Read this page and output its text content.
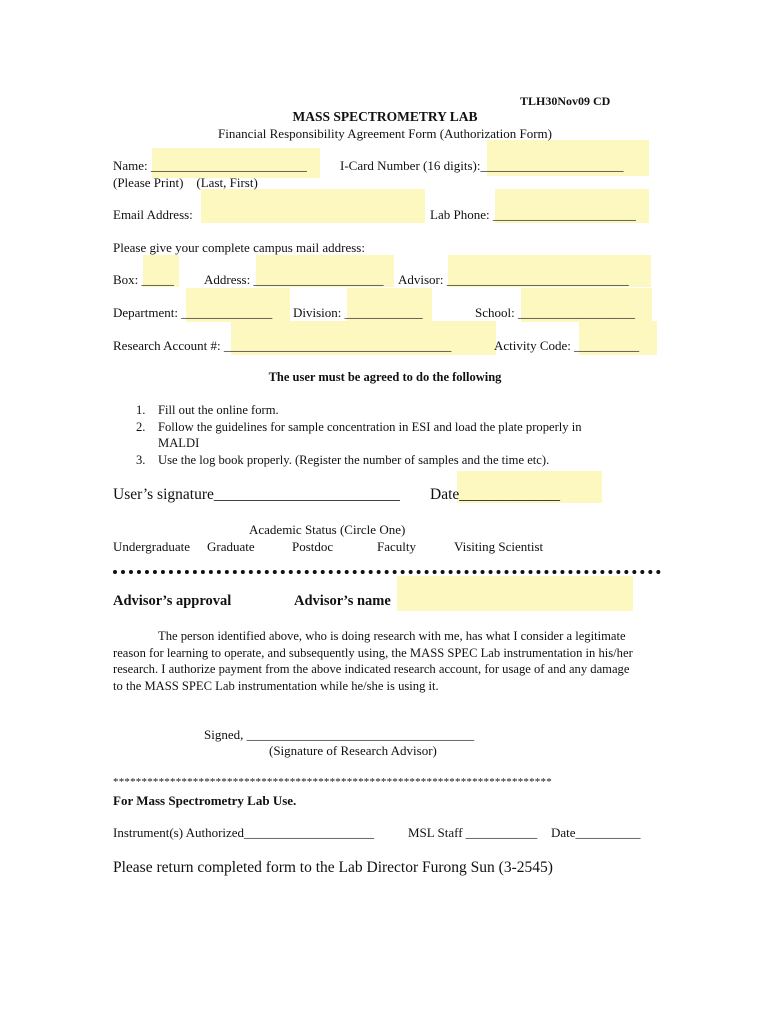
TLH30Nov09 CD
MASS SPECTROMETRY LAB
Financial Responsibility Agreement Form (Authorization Form)
Name: ________________________	I-Card Number (16 digits):______________________
(Please Print)    (Last, First)
Email Address:	Lab Phone: ______________________
Please give your complete campus mail address:
Box: _____ Address: ____________________ Advisor: ____________________________
Department: ______________ Division: ____________	School: __________________
Research Account #: ___________________________________	Activity Code: __________
The user must be agreed to do the following
1. Fill out the online form.
2. Follow the guidelines for sample concentration in ESI and load the plate properly in
MALDI
3. Use the log book properly. (Register the number of samples and the time etc).
User’s signature________________________ Date_____________
Academic Status (Circle One)
Undergraduate Graduate	Postdoc	Faculty	Visiting Scientist
Advisor’s approval	Advisor’s name
The person identified above, who is doing research with me, has what I consider a legitimate reason for learning to operate, and subsequently using, the MASS SPEC Lab instrumentation in his/her research. I authorize payment from the above indicated research account, for usage of and any damage to the MASS SPEC Lab instrumentation while he/she is using it.
Signed, ___________________________________
(Signature of Research Advisor)
*****************************************************************************
For Mass Spectrometry Lab Use.
Instrument(s) Authorized____________________	MSL Staff ___________ Date__________
Please return completed form to the Lab Director Furong Sun (3-2545)
